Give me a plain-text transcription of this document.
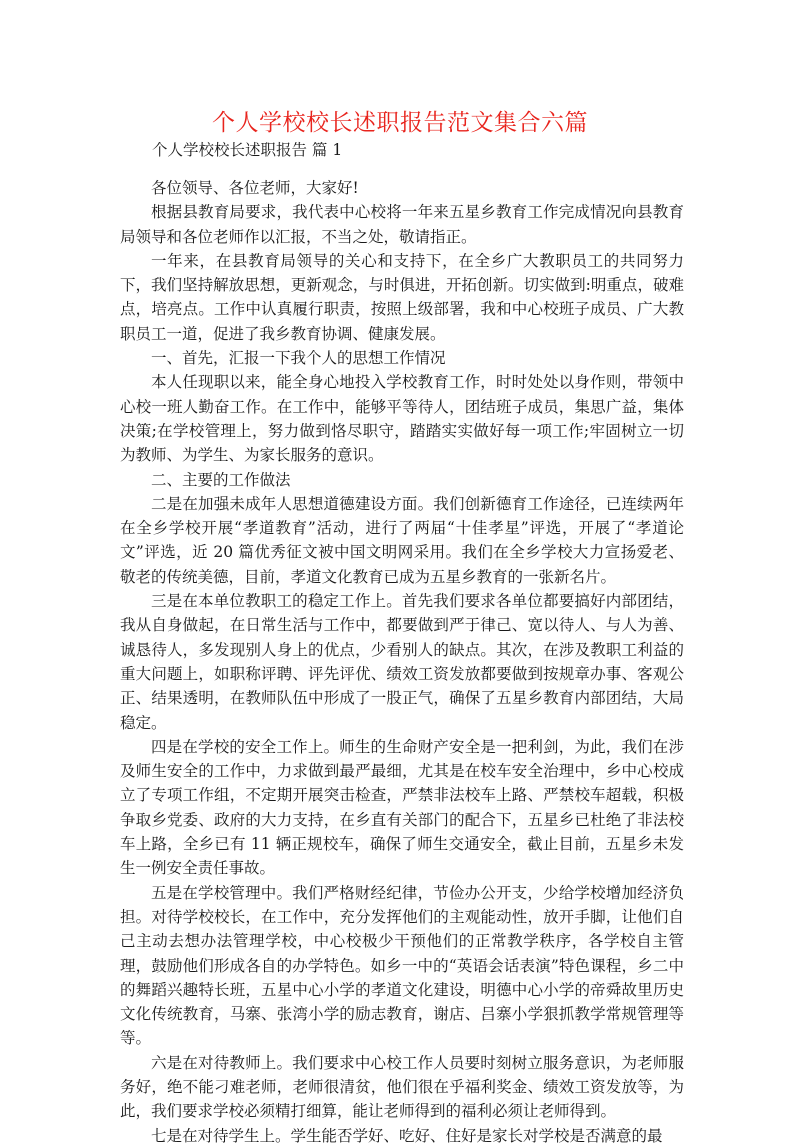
个人学校校长述职报告范文集合六篇
个人学校校长述职报告 篇 1

各位领导、各位老师，大家好!

根据县教育局要求，我代表中心校将一年来五星乡教育工作完成情况向县教育局领导和各位老师作以汇报，不当之处，敬请指正。

一年来，在县教育局领导的关心和支持下，在全乡广大教职员工的共同努力下，我们坚持解放思想，更新观念，与时俱进，开拓创新。切实做到:明重点，破难点，培亮点。工作中认真履行职责，按照上级部署，我和中心校班子成员、广大教职员工一道，促进了我乡教育协调、健康发展。

一、首先，汇报一下我个人的思想工作情况

本人任现职以来，能全身心地投入学校教育工作，时时处处以身作则，带领中心校一班人勤奋工作。在工作中，能够平等待人，团结班子成员，集思广益，集体决策;在学校管理上，努力做到恪尽职守，踏踏实实做好每一项工作;牢固树立一切为教师、为学生、为家长服务的意识。

二、主要的工作做法

二是在加强未成年人思想道德建设方面。我们创新德育工作途径，已连续两年在全乡学校开展“孝道教育”活动，进行了两届“十佳孝星”评选，开展了“孝道论文”评选，近 20 篇优秀征文被中国文明网采用。我们在全乡学校大力宣扬爱老、敬老的传统美德，目前，孝道文化教育已成为五星乡教育的一张新名片。

三是在本单位教职工的稳定工作上。首先我们要求各单位都要搞好内部团结，我从自身做起，在日常生活与工作中，都要做到严于律己、宽以待人、与人为善、诚恳待人，多发现别人身上的优点，少看别人的缺点。其次，在涉及教职工利益的重大问题上，如职称评聘、评先评优、绩效工资发放都要做到按规章办事、客观公正、结果透明，在教师队伍中形成了一股正气，确保了五星乡教育内部团结，大局稳定。

四是在学校的安全工作上。师生的生命财产安全是一把利剑，为此，我们在涉及师生安全的工作中，力求做到最严最细，尤其是在校车安全治理中，乡中心校成立了专项工作组，不定期开展突击检查，严禁非法校车上路、严禁校车超载，积极争取乡党委、政府的大力支持，在乡直有关部门的配合下，五星乡已杜绝了非法校车上路，全乡已有 11 辆正规校车，确保了师生交通安全，截止目前，五星乡未发生一例安全责任事故。

五是在学校管理中。我们严格财经纪律，节俭办公开支，少给学校增加经济负担。对待学校校长，在工作中，充分发挥他们的主观能动性，放开手脚，让他们自己主动去想办法管理学校，中心校极少干预他们的正常教学秩序，各学校自主管理，鼓励他们形成各自的办学特色。如乡一中的“英语会话表演”特色课程，乡二中的舞蹈兴趣特长班，五星中心小学的孝道文化建设，明德中心小学的帝舜故里历史文化传统教育，马寨、张湾小学的励志教育，谢店、吕寨小学狠抓教学常规管理等等。

六是在对待教师上。我们要求中心校工作人员要时刻树立服务意识，为老师服务好，绝不能刁难老师，老师很清贫，他们很在乎福利奖金、绩效工资发放等，为此，我们要求学校必须精打细算，能让老师得到的福利必须让老师得到。

七是在对待学生上。学生能否学好、吃好、住好是家长对学校是否满意的最
